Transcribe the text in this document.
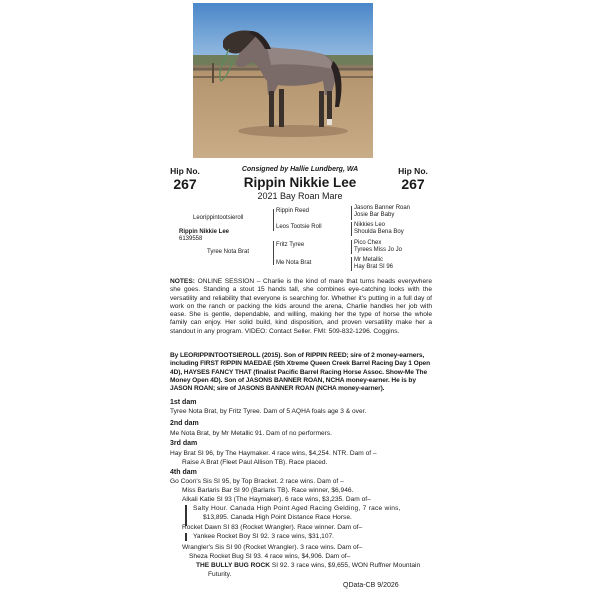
Hip No.
267
Consigned by Hallie Lundberg, WA
Rippin Nikkie Lee
2021 Bay Roan Mare
Hip No.
267
Leorippintootsieroll
Rippin Nikkie Lee
6139558
Tyree Nota Brat
Rippin Reed
Leos Tootsie Roll
Fritz Tyree
Me Nota Brat
Jasons Banner Roan
Josie Bar Baby
Nikkies Leo
Shoulda Bena Boy
Pico Chex
Tyrees Miss Jo Jo
Mr Metallic
Hay Brat SI 96
NOTES: ONLINE SESSION – Charlie is the kind of mare that turns heads everywhere she goes. Standing a stout 15 hands tall, she combines eye-catching looks with the versatility and reliability that everyone is searching for. Whether it's putting in a full day of work on the ranch or packing the kids around the arena, Charlie handles her job with ease. She is gentle, dependable, and willing, making her the type of horse the whole family can enjoy. Her solid build, kind disposition, and proven versatility make her a standout in any program. VIDEO: Contact Seller. FMI: 509-832-1296. Coggins.
By LEORIPPINTOOTSIEROLL (2015). Son of RIPPIN REED; sire of 2 money-earners, including FIRST RIPPIN MAEDAE (5th Xtreme Queen Creek Barrel Racing Day 1 Open 4D), HAYSES FANCY THAT (finalist Pacific Barrel Racing Horse Assoc. Show-Me The Money Open 4D). Son of JASONS BANNER ROAN, NCHA money-earner. He is by JASON ROAN; sire of JASONS BANNER ROAN (NCHA money-earner).
1st dam
Tyree Nota Brat, by Fritz Tyree. Dam of 5 AQHA foals age 3 & over.
2nd dam
Me Nota Brat, by Mr Metallic 91. Dam of no performers.
3rd dam
Hay Brat SI 96, by The Haymaker. 4 race wins, $4,254. NTR. Dam of –
Raise A Brat (Fleet Paul Allison TB). Race placed.
4th dam
Go Coon's Sis SI 95, by Top Bracket. 2 race wins. Dam of –
Miss Barlaris Bar SI 90 (Barlaris TB). Race winner, $6,946.
Alkali Katie SI 93 (The Haymaker). 6 race wins, $3,235. Dam of–
Salty Hour. Canada High Point Aged Racing Gelding, 7 race wins,
$13,895. Canada High Point Distance Race Horse.
Rocket Dawn SI 83 (Rocket Wrangler). Race winner. Dam of–
Yankee Rocket Boy SI 92. 3 race wins, $31,107.
Wrangler's Sis SI 90 (Rocket Wrangler). 3 race wins. Dam of–
Sheza Rocket Bug SI 93. 4 race wins, $4,906. Dam of–
THE BULLY BUG ROCK SI 92. 3 race wins, $9,655, WON Ruffner Mountain
Futurity.
QData-CB 9/2026
